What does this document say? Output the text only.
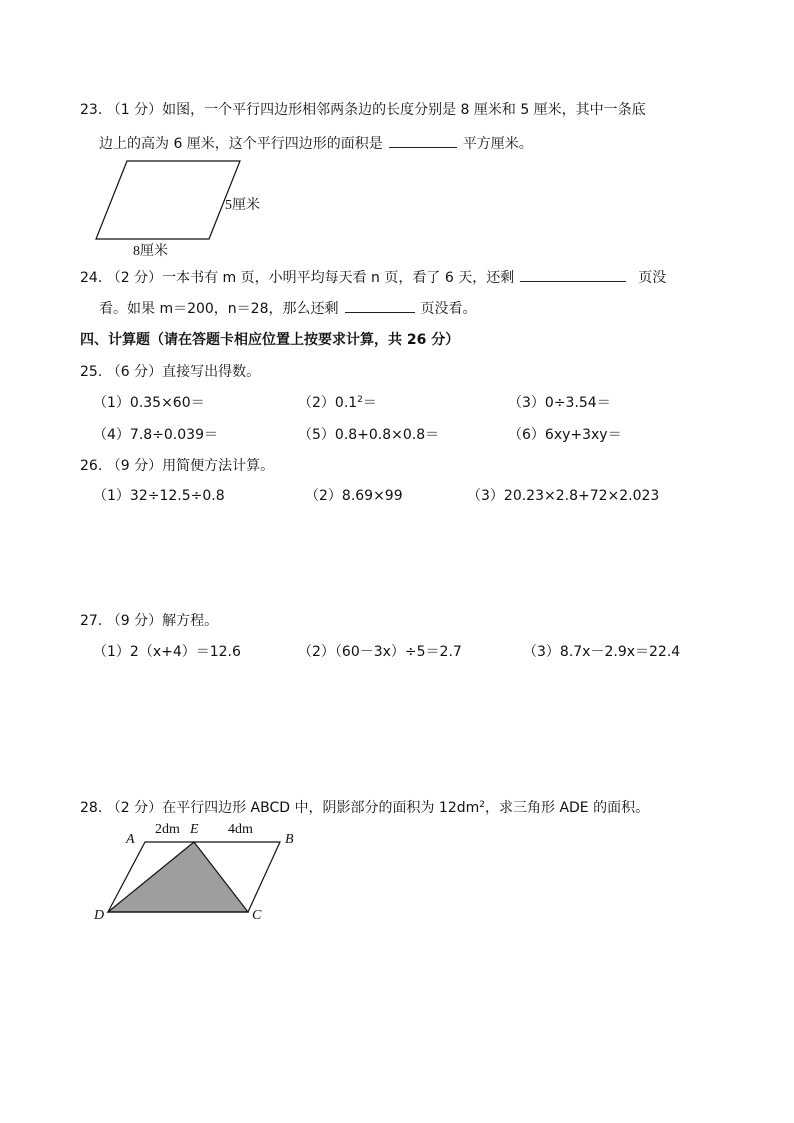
23. （1 分）如图，一个平行四边形相邻两条边的长度分别是 8 厘米和 5 厘米，其中一条底
边上的高为 6 厘米，这个平行四边形的面积是	平方厘米。
5厘米
8厘米
24. （2 分）一本书有 m 页，小明平均每天看 n 页，看了 6 天，还剩	页没
看。如果 m＝200，n＝28，那么还剩	页没看。
四、计算题（请在答题卡相应位置上按要求计算，共 26 分）
25. （6 分）直接写出得数。
（1）0.35×60＝	$(2)0.1^2=$	（3）0÷3.54＝
（4）7.8÷0.039＝	（5）0.8+0.8×0.8＝	（6）6xy+3xy＝
26. （9 分）用简便方法计算。
（1）32÷12.5÷0.8	（2）8.69×99	（3）20.23×2.8+72×2.023
27. （9 分）解方程。
（1）2（x+4）＝12.6	（2）（60－3x）÷5＝2.7	（3）8.7x－2.9x＝22.4
28. （2 分）在平行四边形 ABCD 中，阴影部分的面积为 $12dm^2$，求三角形 ADE 的面积。
A
2dm E 4dm
B
D	C
